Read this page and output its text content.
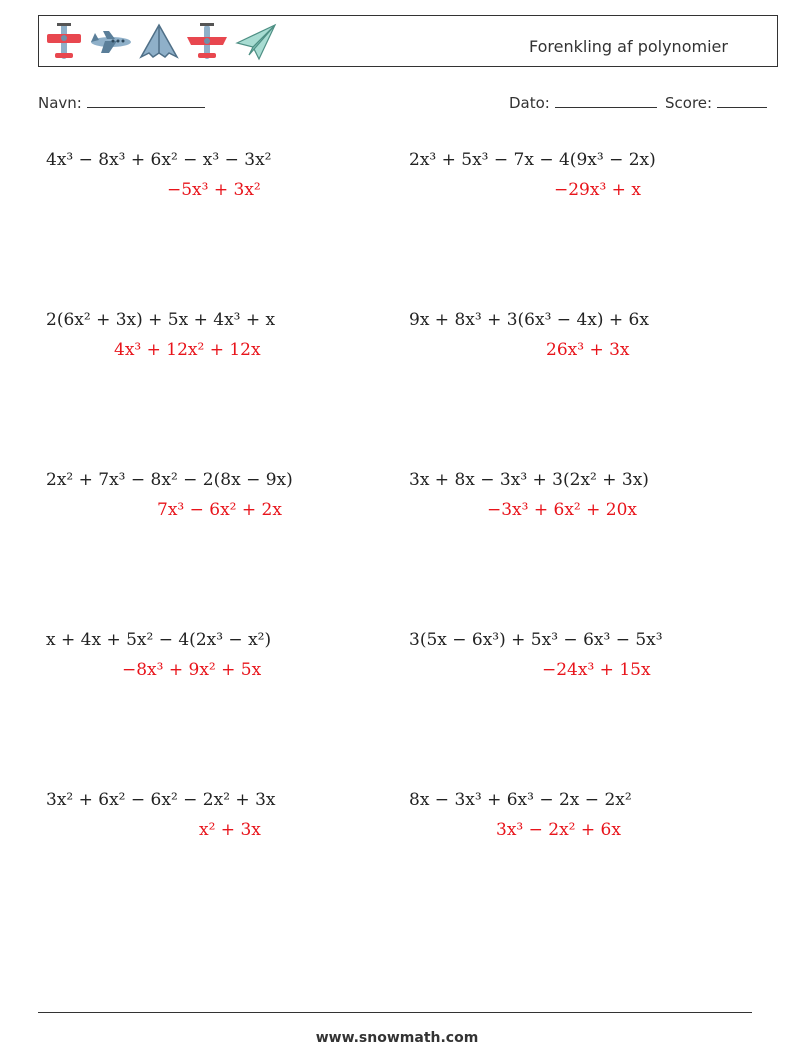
Forenkling af polynomier
Navn:	Dato:	Score:
4x³ − 8x³ + 6x² − x³ − 3x²
−5x³ + 3x²
2x³ + 5x³ − 7x − 4(9x³ − 2x)
−29x³ + x
2(6x² + 3x) + 5x + 4x³ + x
4x³ + 12x² + 12x
9x + 8x³ + 3(6x³ − 4x) + 6x
26x³ + 3x
2x² + 7x³ − 8x² − 2(8x − 9x)
7x³ − 6x² + 2x
3x + 8x − 3x³ + 3(2x² + 3x)
−3x³ + 6x² + 20x
x + 4x + 5x² − 4(2x³ − x²)
−8x³ + 9x² + 5x
3(5x − 6x³) + 5x³ − 6x³ − 5x³
−24x³ + 15x
3x² + 6x² − 6x² − 2x² + 3x
x² + 3x
8x − 3x³ + 6x³ − 2x − 2x²
3x³ − 2x² + 6x
www.snowmath.com
